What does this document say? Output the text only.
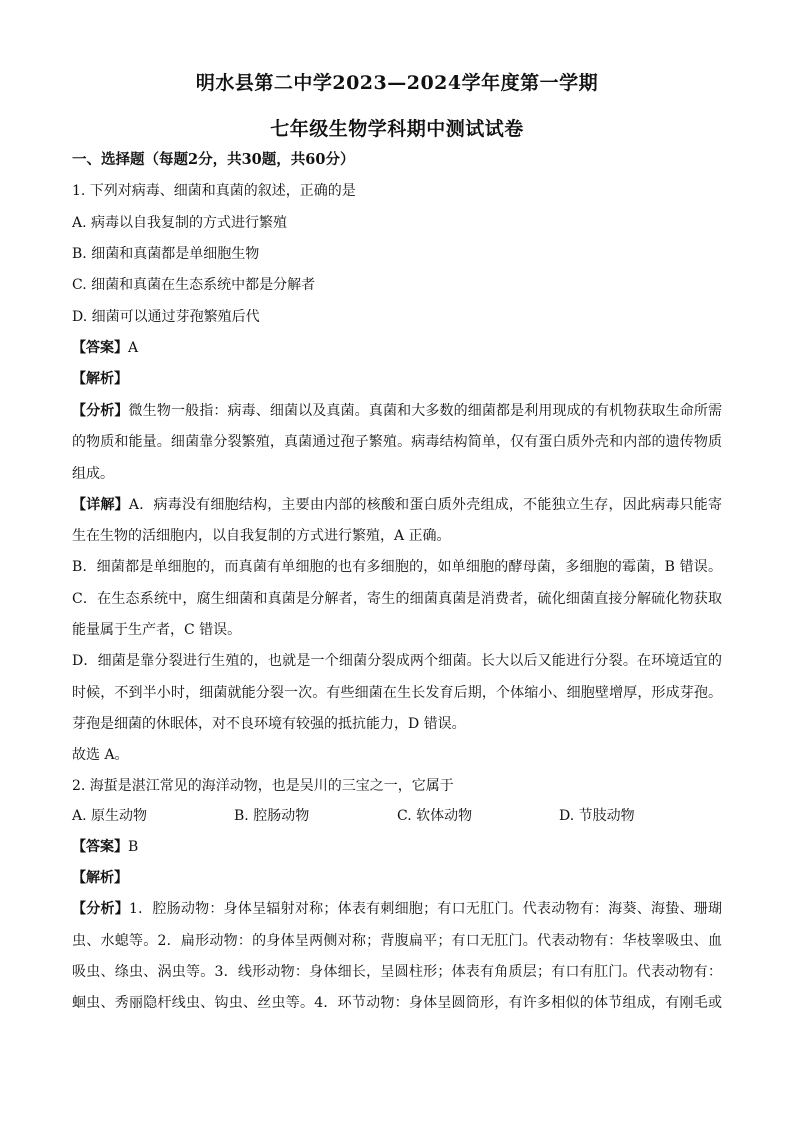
明水县第二中学2023—2024学年度第一学期
七年级生物学科期中测试试卷
一、选择题（每题2分，共30题，共60分）
1. 下列对病毒、细菌和真菌的叙述，正确的是
A. 病毒以自我复制的方式进行繁殖
B. 细菌和真菌都是单细胞生物
C. 细菌和真菌在生态系统中都是分解者
D. 细菌可以通过芽孢繁殖后代
【答案】A
【解析】
【分析】微生物一般指：病毒、细菌以及真菌。真菌和大多数的细菌都是利用现成的有机物获取生命所需
的物质和能量。细菌靠分裂繁殖，真菌通过孢子繁殖。病毒结构简单，仅有蛋白质外壳和内部的遗传物质
组成。
【详解】A．病毒没有细胞结构，主要由内部的核酸和蛋白质外壳组成，不能独立生存，因此病毒只能寄
生在生物的活细胞内，以自我复制的方式进行繁殖，A 正确。
B．细菌都是单细胞的，而真菌有单细胞的也有多细胞的，如单细胞的酵母菌，多细胞的霉菌，B 错误。
C．在生态系统中，腐生细菌和真菌是分解者，寄生的细菌真菌是消费者，硫化细菌直接分解硫化物获取
能量属于生产者，C 错误。
D．细菌是靠分裂进行生殖的，也就是一个细菌分裂成两个细菌。长大以后又能进行分裂。在环境适宜的
时候，不到半小时，细菌就能分裂一次。有些细菌在生长发育后期，个体缩小、细胞壁增厚，形成芽孢。
芽孢是细菌的休眠体，对不良环境有较强的抵抗能力，D 错误。
故选 A。
2. 海蜇是湛江常见的海洋动物，也是吴川的三宝之一，它属于
A. 原生动物	B. 腔肠动物	C. 软体动物	D. 节肢动物
【答案】B
【解析】
【分析】1．腔肠动物：身体呈辐射对称；体表有刺细胞；有口无肛门。代表动物有：海葵、海蛰、珊瑚
虫、水螅等。2．扁形动物：的身体呈两侧对称；背腹扁平；有口无肛门。代表动物有：华枝睾吸虫、血
吸虫、绦虫、涡虫等。3．线形动物：身体细长，呈圆柱形；体表有角质层；有口有肛门。代表动物有：
蛔虫、秀丽隐杆线虫、钩虫、丝虫等。4．环节动物：身体呈圆筒形，有许多相似的体节组成，有刚毛或
